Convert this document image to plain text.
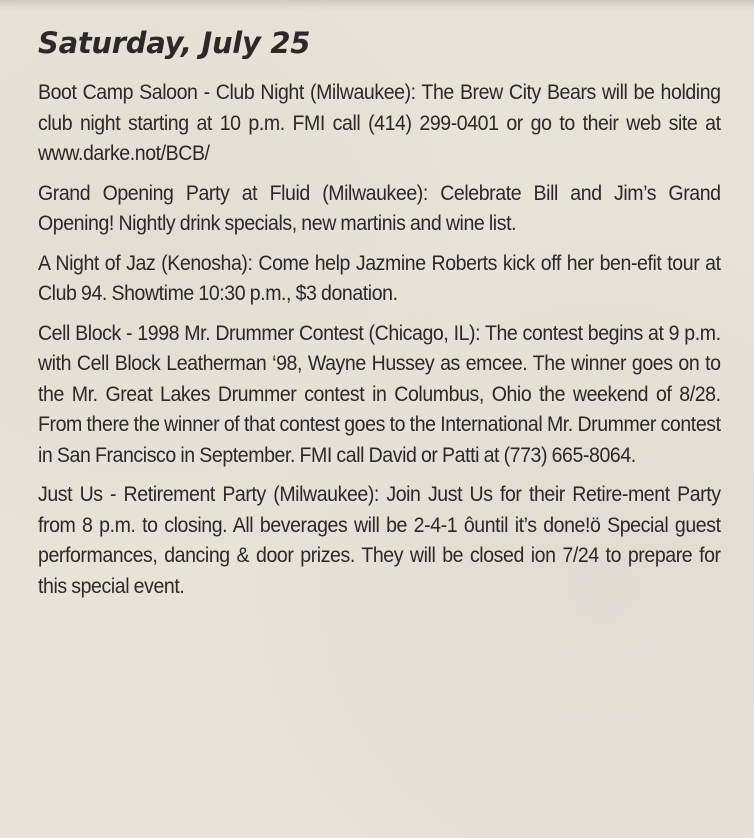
Saturday, July 25

Boot Camp Saloon - Club Night (Milwaukee): The Brew City Bears will be holding club night starting at 10 p.m. FMI call (414) 299-0401 or go to their web site at www.darke.not/BCB/

Grand Opening Party at Fluid (Milwaukee): Celebrate Bill and Jim’s Grand Opening! Nightly drink specials, new martinis and wine list.

A Night of Jaz (Kenosha): Come help Jazmine Roberts kick off her ben-efit tour at Club 94. Showtime 10:30 p.m., $3 donation.

Cell Block - 1998 Mr. Drummer Contest (Chicago, IL): The contest begins at 9 p.m. with Cell Block Leatherman ‘98, Wayne Hussey as emcee. The winner goes on to the Mr. Great Lakes Drummer contest in Columbus, Ohio the weekend of 8/28. From there the winner of that contest goes to the International Mr. Drummer contest in San Francisco in September. FMI call David or Patti at (773) 665-8064.

Just Us - Retirement Party (Milwaukee): Join Just Us for their Retire-ment Party from 8 p.m. to closing. All beverages will be 2-4-1 ôuntil it’s done!ö Special guest performances, dancing & door prizes. They will be closed ion 7/24 to prepare for this special event.
